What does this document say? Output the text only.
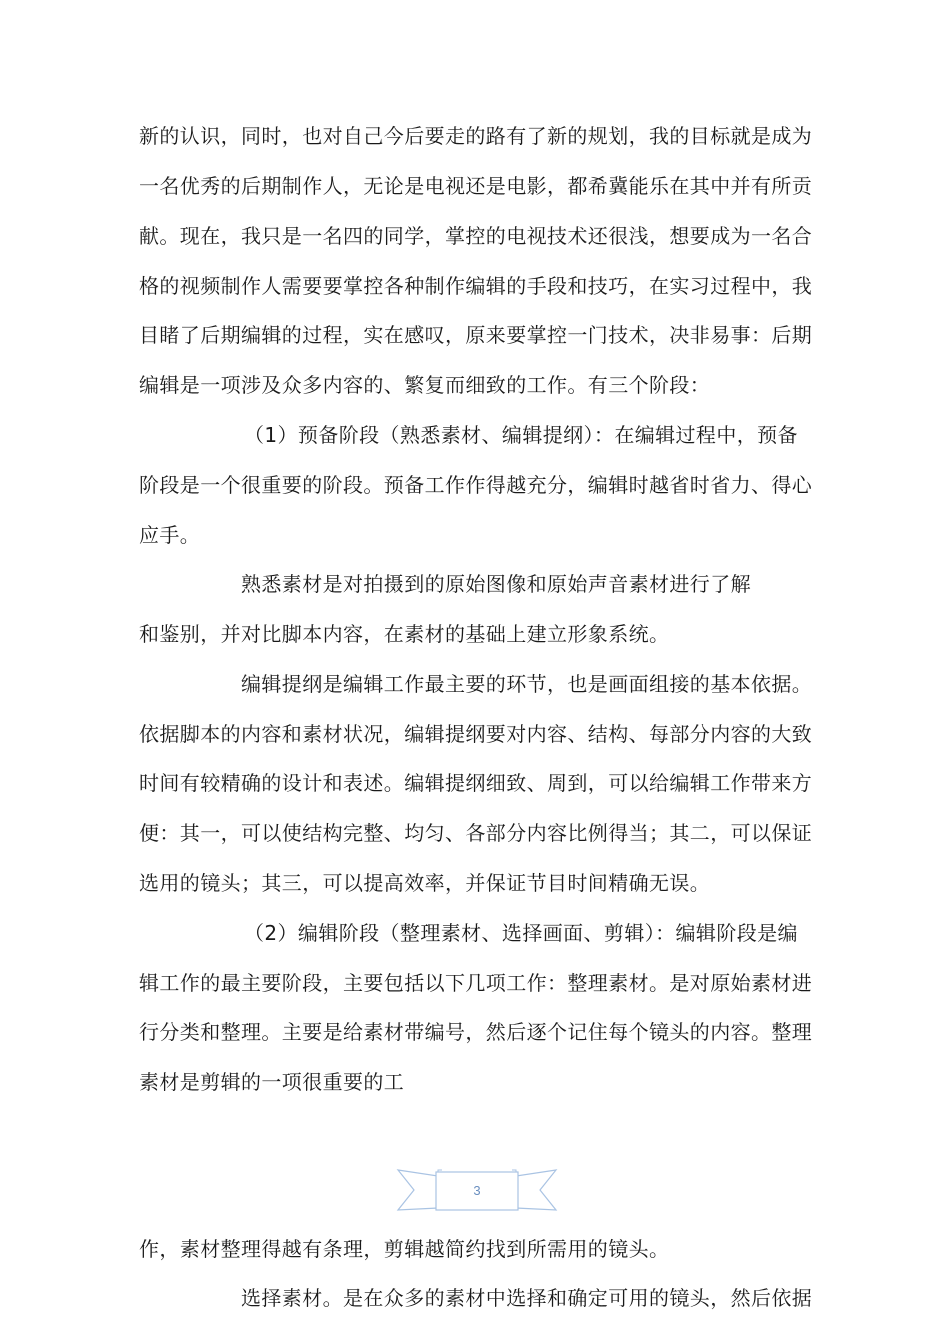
新的认识，同时，也对自己今后要走的路有了新的规划，我的目标就是成为
一名优秀的后期制作人，无论是电视还是电影，都希冀能乐在其中并有所贡
献。现在，我只是一名四的同学，掌控的电视技术还很浅，想要成为一名合
格的视频制作人需要要掌控各种制作编辑的手段和技巧，在实习过程中，我
目睹了后期编辑的过程，实在感叹，原来要掌控一门技术，决非易事：后期
编辑是一项涉及众多内容的、繁复而细致的工作。有三个阶段：
（1）预备阶段（熟悉素材、编辑提纲）：在编辑过程中，预备
阶段是一个很重要的阶段。预备工作作得越充分，编辑时越省时省力、得心
应手。
熟悉素材是对拍摄到的原始图像和原始声音素材进行了解
和鉴别，并对比脚本内容，在素材的基础上建立形象系统。
编辑提纲是编辑工作最主要的环节，也是画面组接的基本依据。
依据脚本的内容和素材状况，编辑提纲要对内容、结构、每部分内容的大致
时间有较精确的设计和表述。编辑提纲细致、周到，可以给编辑工作带来方
便：其一，可以使结构完整、均匀、各部分内容比例得当；其二，可以保证
选用的镜头；其三，可以提高效率，并保证节目时间精确无误。
（2）编辑阶段（整理素材、选择画面、剪辑）：编辑阶段是编
辑工作的最主要阶段，主要包括以下几项工作：整理素材。是对原始素材进
行分类和整理。主要是给素材带编号，然后逐个记住每个镜头的内容。整理
素材是剪辑的一项很重要的工
3
作，素材整理得越有条理，剪辑越简约找到所需用的镜头。
选择素材。是在众多的素材中选择和确定可用的镜头，然后依据
